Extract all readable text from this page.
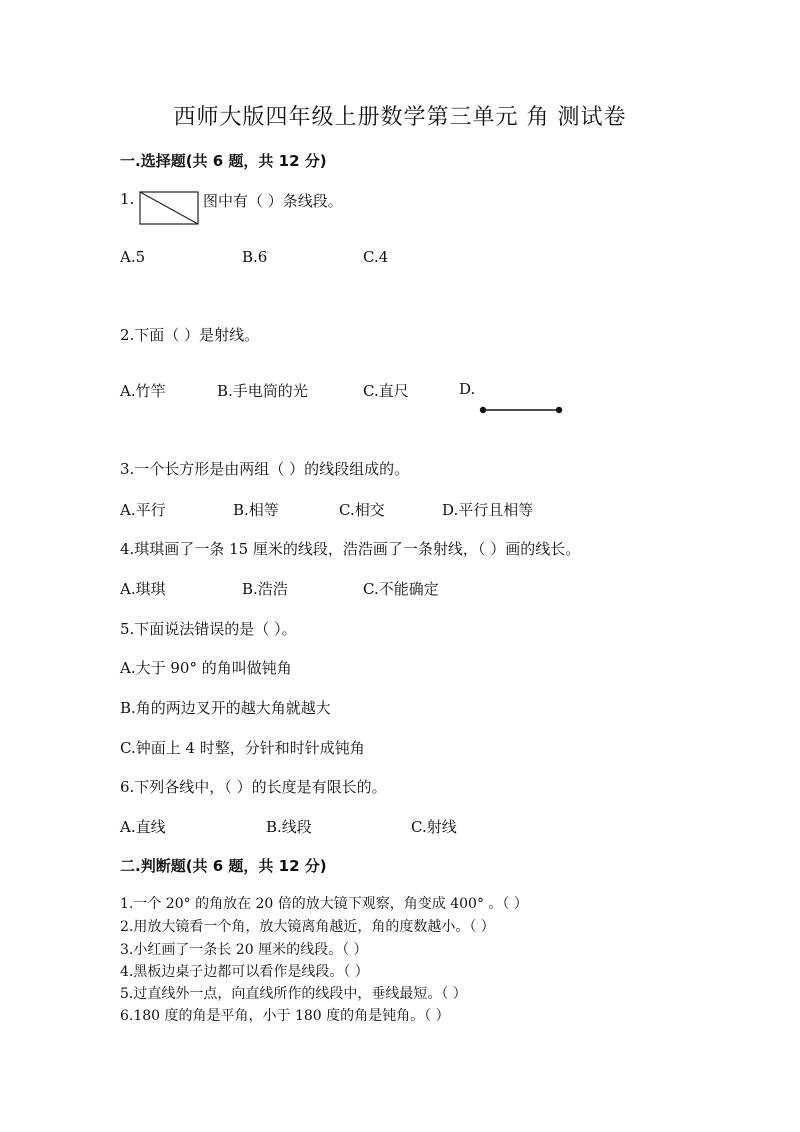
西师大版四年级上册数学第三单元 角 测试卷
一.选择题(共 6 题，共 12 分)
1.	图中有（ ）条线段。
A.5	B.6	C.4
2.下面（ ）是射线。
A.竹竿	B.手电筒的光	C.直尺	D.
3.一个长方形是由两组（ ）的线段组成的。
A.平行	B.相等	C.相交	D.平行且相等
4.琪琪画了一条 15 厘米的线段，浩浩画了一条射线，（ ）画的线长。
A.琪琪	B.浩浩	C.不能确定
5.下面说法错误的是（ ）。
A.大于 90° 的角叫做钝角
B.角的两边叉开的越大角就越大
C.钟面上 4 时整，分针和时针成钝角
6.下列各线中，（ ）的长度是有限长的。
A.直线	B.线段	C.射线
二.判断题(共 6 题，共 12 分)
1.一个 20° 的角放在 20 倍的放大镜下观察，角变成 400° 。（ ）
2.用放大镜看一个角，放大镜离角越近，角的度数越小。（ ）
3.小红画了一条长 20 厘米的线段。（ ）
4.黑板边桌子边都可以看作是线段。（ ）
5.过直线外一点，向直线所作的线段中，垂线最短。（ ）
6.180 度的角是平角，小于 180 度的角是钝角。（ ）
